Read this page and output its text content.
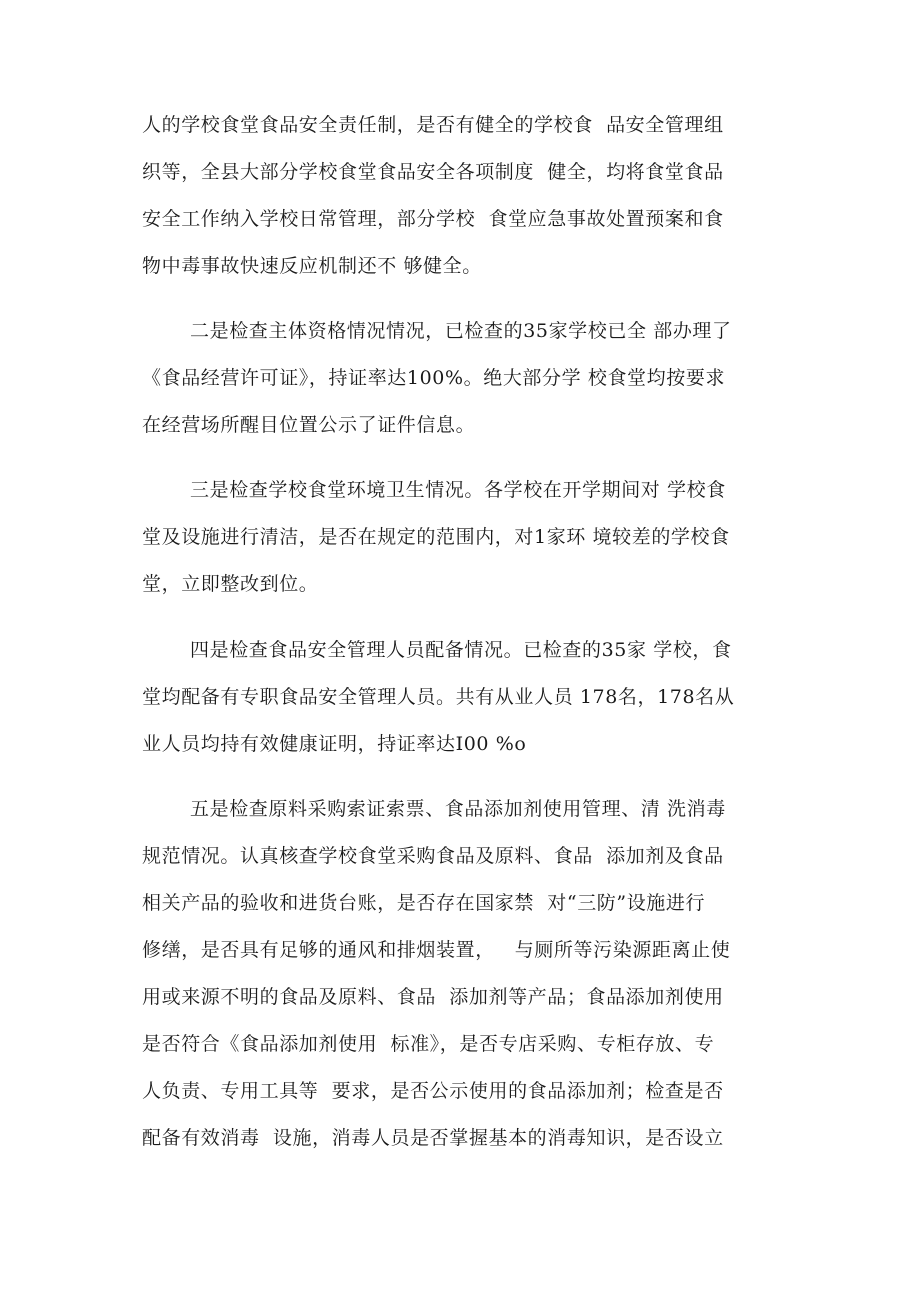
人的学校食堂食品安全责任制，是否有健全的学校食  品安全管理组
织等，全县大部分学校食堂食品安全各项制度  健全，均将食堂食品
安全工作纳入学校日常管理，部分学校  食堂应急事故处置预案和食
物中毒事故快速反应机制还不 够健全。
二是检查主体资格情况情况，已检查的35家学校已全 部办理了
《食品经营许可证》，持证率达100%。绝大部分学 校食堂均按要求
在经营场所醒目位置公示了证件信息。
三是检查学校食堂环境卫生情况。各学校在开学期间对 学校食
堂及设施进行清洁，是否在规定的范围内，对1家环 境较差的学校食
堂，立即整改到位。
四是检查食品安全管理人员配备情况。已检查的35家 学校，食
堂均配备有专职食品安全管理人员。共有从业人员 178名，178名从
业人员均持有效健康证明，持证率达I00 %o
五是检查原料采购索证索票、食品添加剂使用管理、清 洗消毒
规范情况。认真核查学校食堂采购食品及原料、食品  添加剂及食品
相关产品的验收和进货台账，是否存在国家禁  对“三防”设施进行
修缮，是否具有足够的通风和排烟装置，   与厕所等污染源距离止使
用或来源不明的食品及原料、食品  添加剂等产品；食品添加剂使用
是否符合《食品添加剂使用  标准》，是否专店采购、专柜存放、专
人负责、专用工具等  要求，是否公示使用的食品添加剂；检查是否
配备有效消毒  设施，消毒人员是否掌握基本的消毒知识，是否设立
